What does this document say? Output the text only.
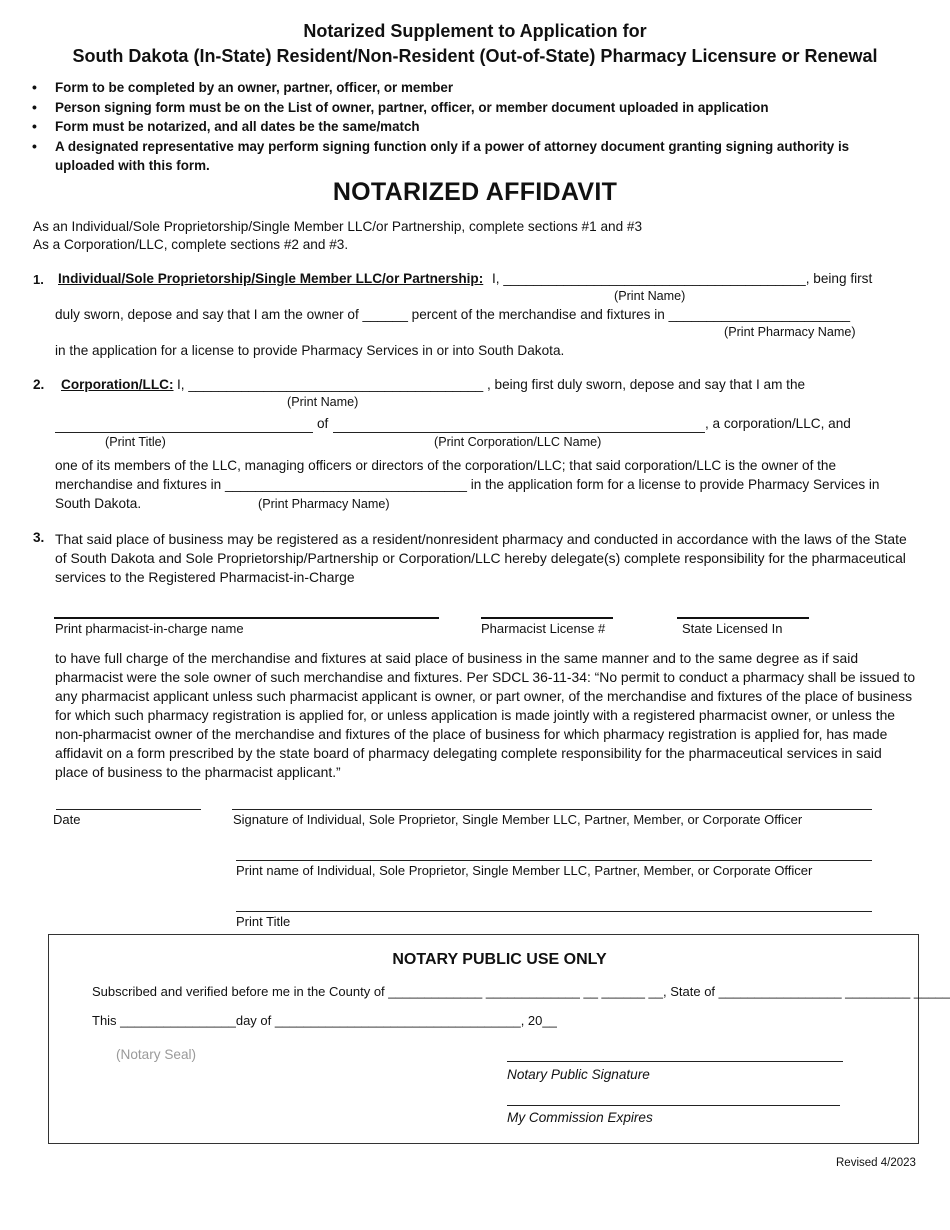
Notarized Supplement to Application for
South Dakota (In-State) Resident/Non-Resident (Out-of-State) Pharmacy Licensure or Renewal
• Form to be completed by an owner, partner, officer, or member
• Person signing form must be on the List of owner, partner, officer, or member document uploaded in application
• Form must be notarized, and all dates be the same/match
• A designated representative may perform signing function only if a power of attorney document granting signing authority is uploaded with this form.
NOTARIZED AFFIDAVIT
As an Individual/Sole Proprietorship/Single Member LLC/or Partnership, complete sections #1 and #3
As a Corporation/LLC, complete sections #2 and #3.
1. Individual/Sole Proprietorship/Single Member LLC/or Partnership: I, ________________________________________, being first
(Print Name)
duly sworn, depose and say that I am the owner of ______ percent of the merchandise and fixtures in ________________________
(Print Pharmacy Name)
in the application for a license to provide Pharmacy Services in or into South Dakota.
2. Corporation/LLC: I, _______________________________________ , being first duly sworn, depose and say that I am the
(Print Name)
of	, a corporation/LLC, and
(Print Title)	(Print Corporation/LLC Name)
one of its members of the LLC, managing officers or directors of the corporation/LLC; that said corporation/LLC is the owner of the
merchandise and fixtures in ________________________________ in the application form for a license to provide Pharmacy Services in
South Dakota.	(Print Pharmacy Name)
3. That said place of business may be registered as a resident/nonresident pharmacy and conducted in accordance with the laws of the State of South Dakota and Sole Proprietorship/Partnership or Corporation/LLC hereby delegate(s) complete responsibility for the pharmaceutical services to the Registered Pharmacist-in-Charge
Print pharmacist-in-charge name	Pharmacist License #	State Licensed In
to have full charge of the merchandise and fixtures at said place of business in the same manner and to the same degree as if said pharmacist were the sole owner of such merchandise and fixtures. Per SDCL 36-11-34: “No permit to conduct a pharmacy shall be issued to any pharmacist applicant unless such pharmacist applicant is owner, or part owner, of the merchandise and fixtures of the place of business for which such pharmacy registration is applied for, or unless application is made jointly with a registered pharmacist owner, or unless the non-pharmacist owner of the merchandise and fixtures of the place of business for which pharmacy registration is applied for, has made affidavit on a form prescribed by the state board of pharmacy delegating complete responsibility for the pharmaceutical services in said place of business to the pharmacist applicant.”
Date	Signature of Individual, Sole Proprietor, Single Member LLC, Partner, Member, or Corporate Officer
Print name of Individual, Sole Proprietor, Single Member LLC, Partner, Member, or Corporate Officer
Print Title
NOTARY PUBLIC USE ONLY
Subscribed and verified before me in the County of _____________ _____________ __ ______ __, State of _________________ _________ _____
This ________________day of __________________________________, 20__
(Notary Seal)
Notary Public Signature
My Commission Expires
Revised 4/2023
